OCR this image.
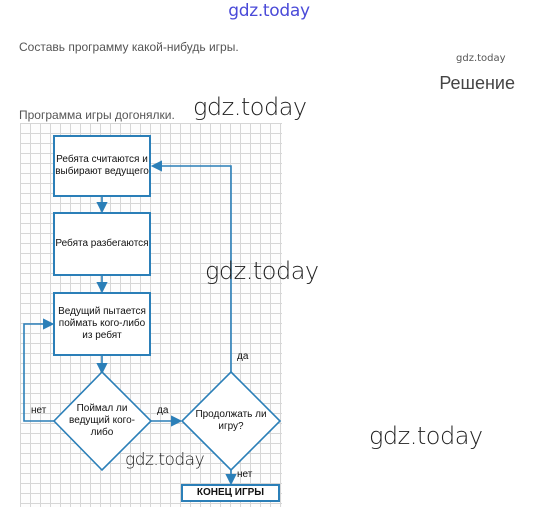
gdz.today
Составь программу какой-нибудь игры.
gdz.today
Решение
Программа игры догонялки.
Ребята считаются и выбирают ведущего
Ребята разбегаются
Ведущий пытается поймать кого-либо из ребят
Поймал ли ведущий кого-либо
Продолжать ли игру?
КОНЕЦ ИГРЫ
нет	да
да
нет
gdz.today
gdz.today
gdz.today
gdz.today
